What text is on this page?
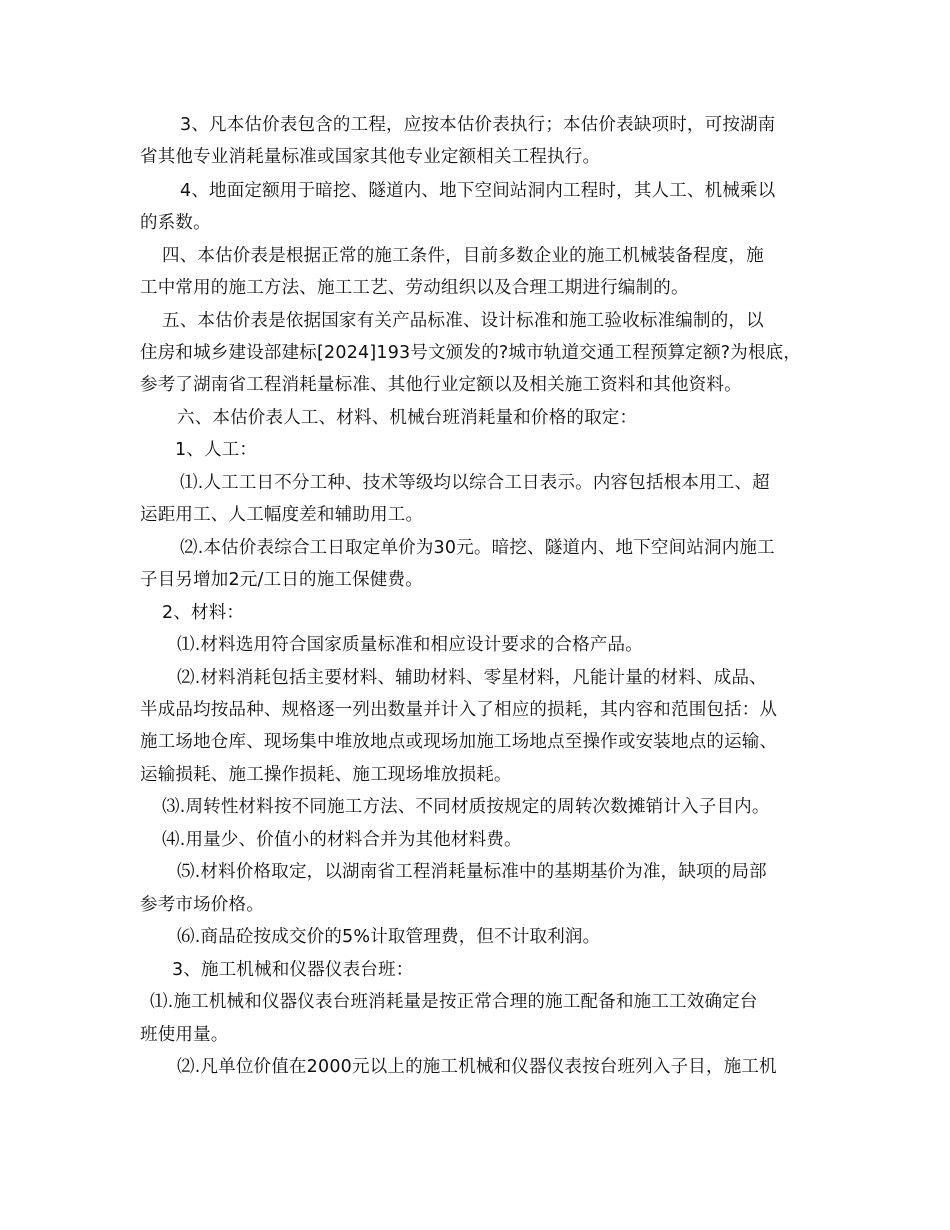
3、凡本估价表包含的工程，应按本估价表执行；本估价表缺项时，可按湖南
省其他专业消耗量标准或国家其他专业定额相关工程执行。
4、地面定额用于暗挖、隧道内、地下空间站洞内工程时，其人工、机械乘以
的系数。
四、本估价表是根据正常的施工条件，目前多数企业的施工机械装备程度，施
工中常用的施工方法、施工工艺、劳动组织以及合理工期进行编制的。
五、本估价表是依据国家有关产品标准、设计标准和施工验收标准编制的，以
住房和城乡建设部建标[2024]193号文颁发的?城市轨道交通工程预算定额?为根底，
参考了湖南省工程消耗量标准、其他行业定额以及相关施工资料和其他资料。
六、本估价表人工、材料、机械台班消耗量和价格的取定：
1、人工：
⑴.人工工日不分工种、技术等级均以综合工日表示。内容包括根本用工、超
运距用工、人工幅度差和辅助用工。
⑵.本估价表综合工日取定单价为30元。暗挖、隧道内、地下空间站洞内施工
子目另增加2元/工日的施工保健费。
2、材料：
⑴.材料选用符合国家质量标准和相应设计要求的合格产品。
⑵.材料消耗包括主要材料、辅助材料、零星材料，凡能计量的材料、成品、
半成品均按品种、规格逐一列出数量并计入了相应的损耗，其内容和范围包括：从
施工场地仓库、现场集中堆放地点或现场加施工场地点至操作或安装地点的运输、
运输损耗、施工操作损耗、施工现场堆放损耗。
⑶.周转性材料按不同施工方法、不同材质按规定的周转次数摊销计入子目内。
⑷.用量少、价值小的材料合并为其他材料费。
⑸.材料价格取定，以湖南省工程消耗量标准中的基期基价为准，缺项的局部
参考市场价格。
⑹.商品砼按成交价的5%计取管理费，但不计取利润。
3、施工机械和仪器仪表台班：
⑴.施工机械和仪器仪表台班消耗量是按正常合理的施工配备和施工工效确定台
班使用量。
⑵.凡单位价值在2000元以上的施工机械和仪器仪表按台班列入子目，施工机
